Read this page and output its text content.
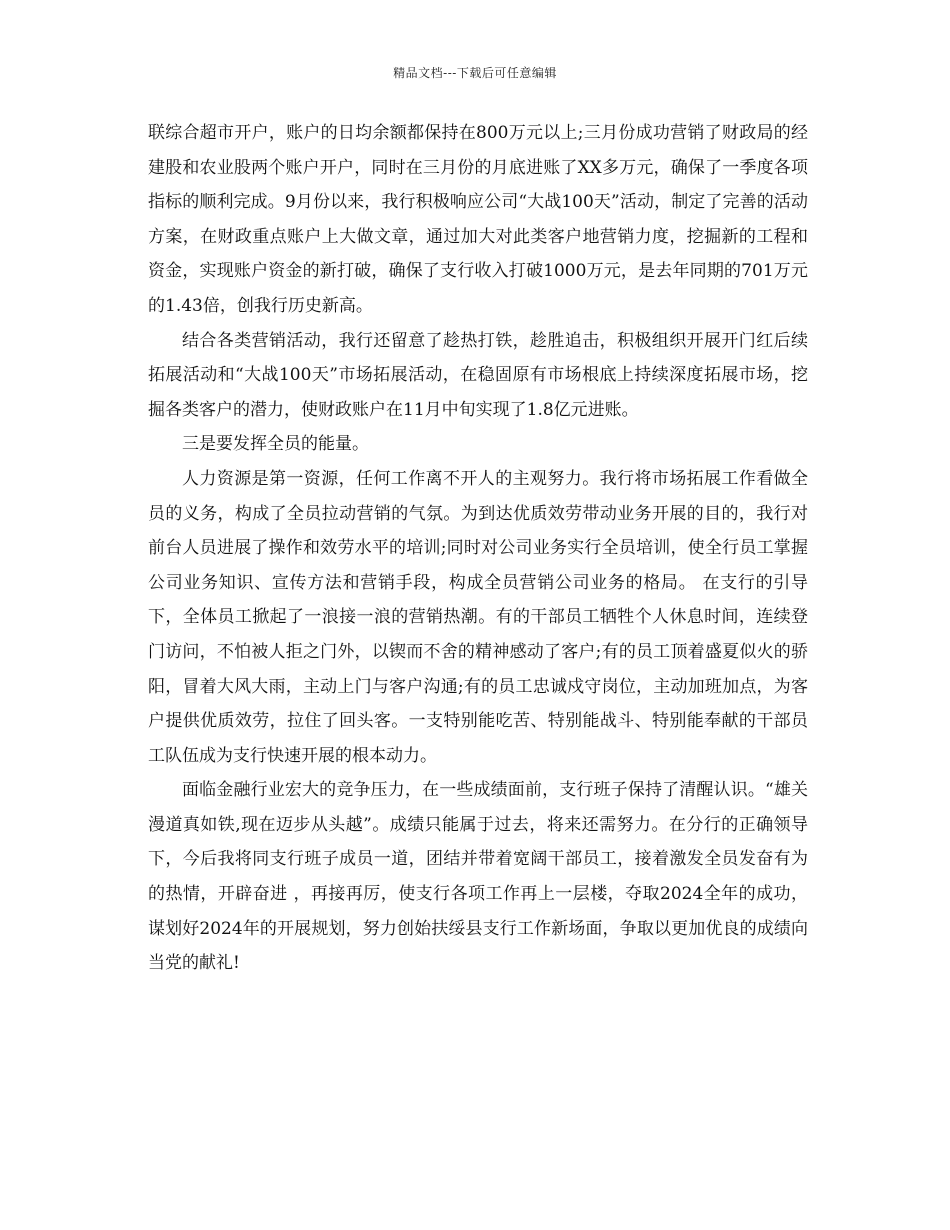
精品文档---下载后可任意编辑

联综合超市开户，账户的日均余额都保持在800万元以上;三月份成功营销了财政局的经建股和农业股两个账户开户，同时在三月份的月底进账了XX多万元，确保了一季度各项指标的顺利完成。9月份以来，我行积极响应公司“大战100天”活动，制定了完善的活动方案，在财政重点账户上大做文章，通过加大对此类客户地营销力度，挖掘新的工程和资金，实现账户资金的新打破，确保了支行收入打破1000万元，是去年同期的701万元的1.43倍，创我行历史新高。

结合各类营销活动，我行还留意了趁热打铁，趁胜追击，积极组织开展开门红后续拓展活动和“大战100天”市场拓展活动，在稳固原有市场根底上持续深度拓展市场，挖掘各类客户的潜力，使财政账户在11月中旬实现了1.8亿元进账。

三是要发挥全员的能量。

人力资源是第一资源，任何工作离不开人的主观努力。我行将市场拓展工作看做全员的义务，构成了全员拉动营销的气氛。为到达优质效劳带动业务开展的目的，我行对前台人员进展了操作和效劳水平的培训;同时对公司业务实行全员培训，使全行员工掌握公司业务知识、宣传方法和营销手段，构成全员营销公司业务的格局。 在支行的引导下，全体员工掀起了一浪接一浪的营销热潮。有的干部员工牺牲个人休息时间，连续登门访问，不怕被人拒之门外，以锲而不舍的精神感动了客户;有的员工顶着盛夏似火的骄阳，冒着大风大雨，主动上门与客户沟通;有的员工忠诚戍守岗位，主动加班加点，为客户提供优质效劳，拉住了回头客。一支特别能吃苦、特别能战斗、特别能奉献的干部员工队伍成为支行快速开展的根本动力。

面临金融行业宏大的竞争压力，在一些成绩面前，支行班子保持了清醒认识。“雄关漫道真如铁,现在迈步从头越”。成绩只能属于过去，将来还需努力。在分行的正确领导下，今后我将同支行班子成员一道，团结并带着宽阔干部员工，接着激发全员发奋有为的热情，开辟奋进 ，再接再厉，使支行各项工作再上一层楼，夺取2024全年的成功，谋划好2024年的开展规划，努力创始扶绥县支行工作新场面，争取以更加优良的成绩向当党的献礼!
